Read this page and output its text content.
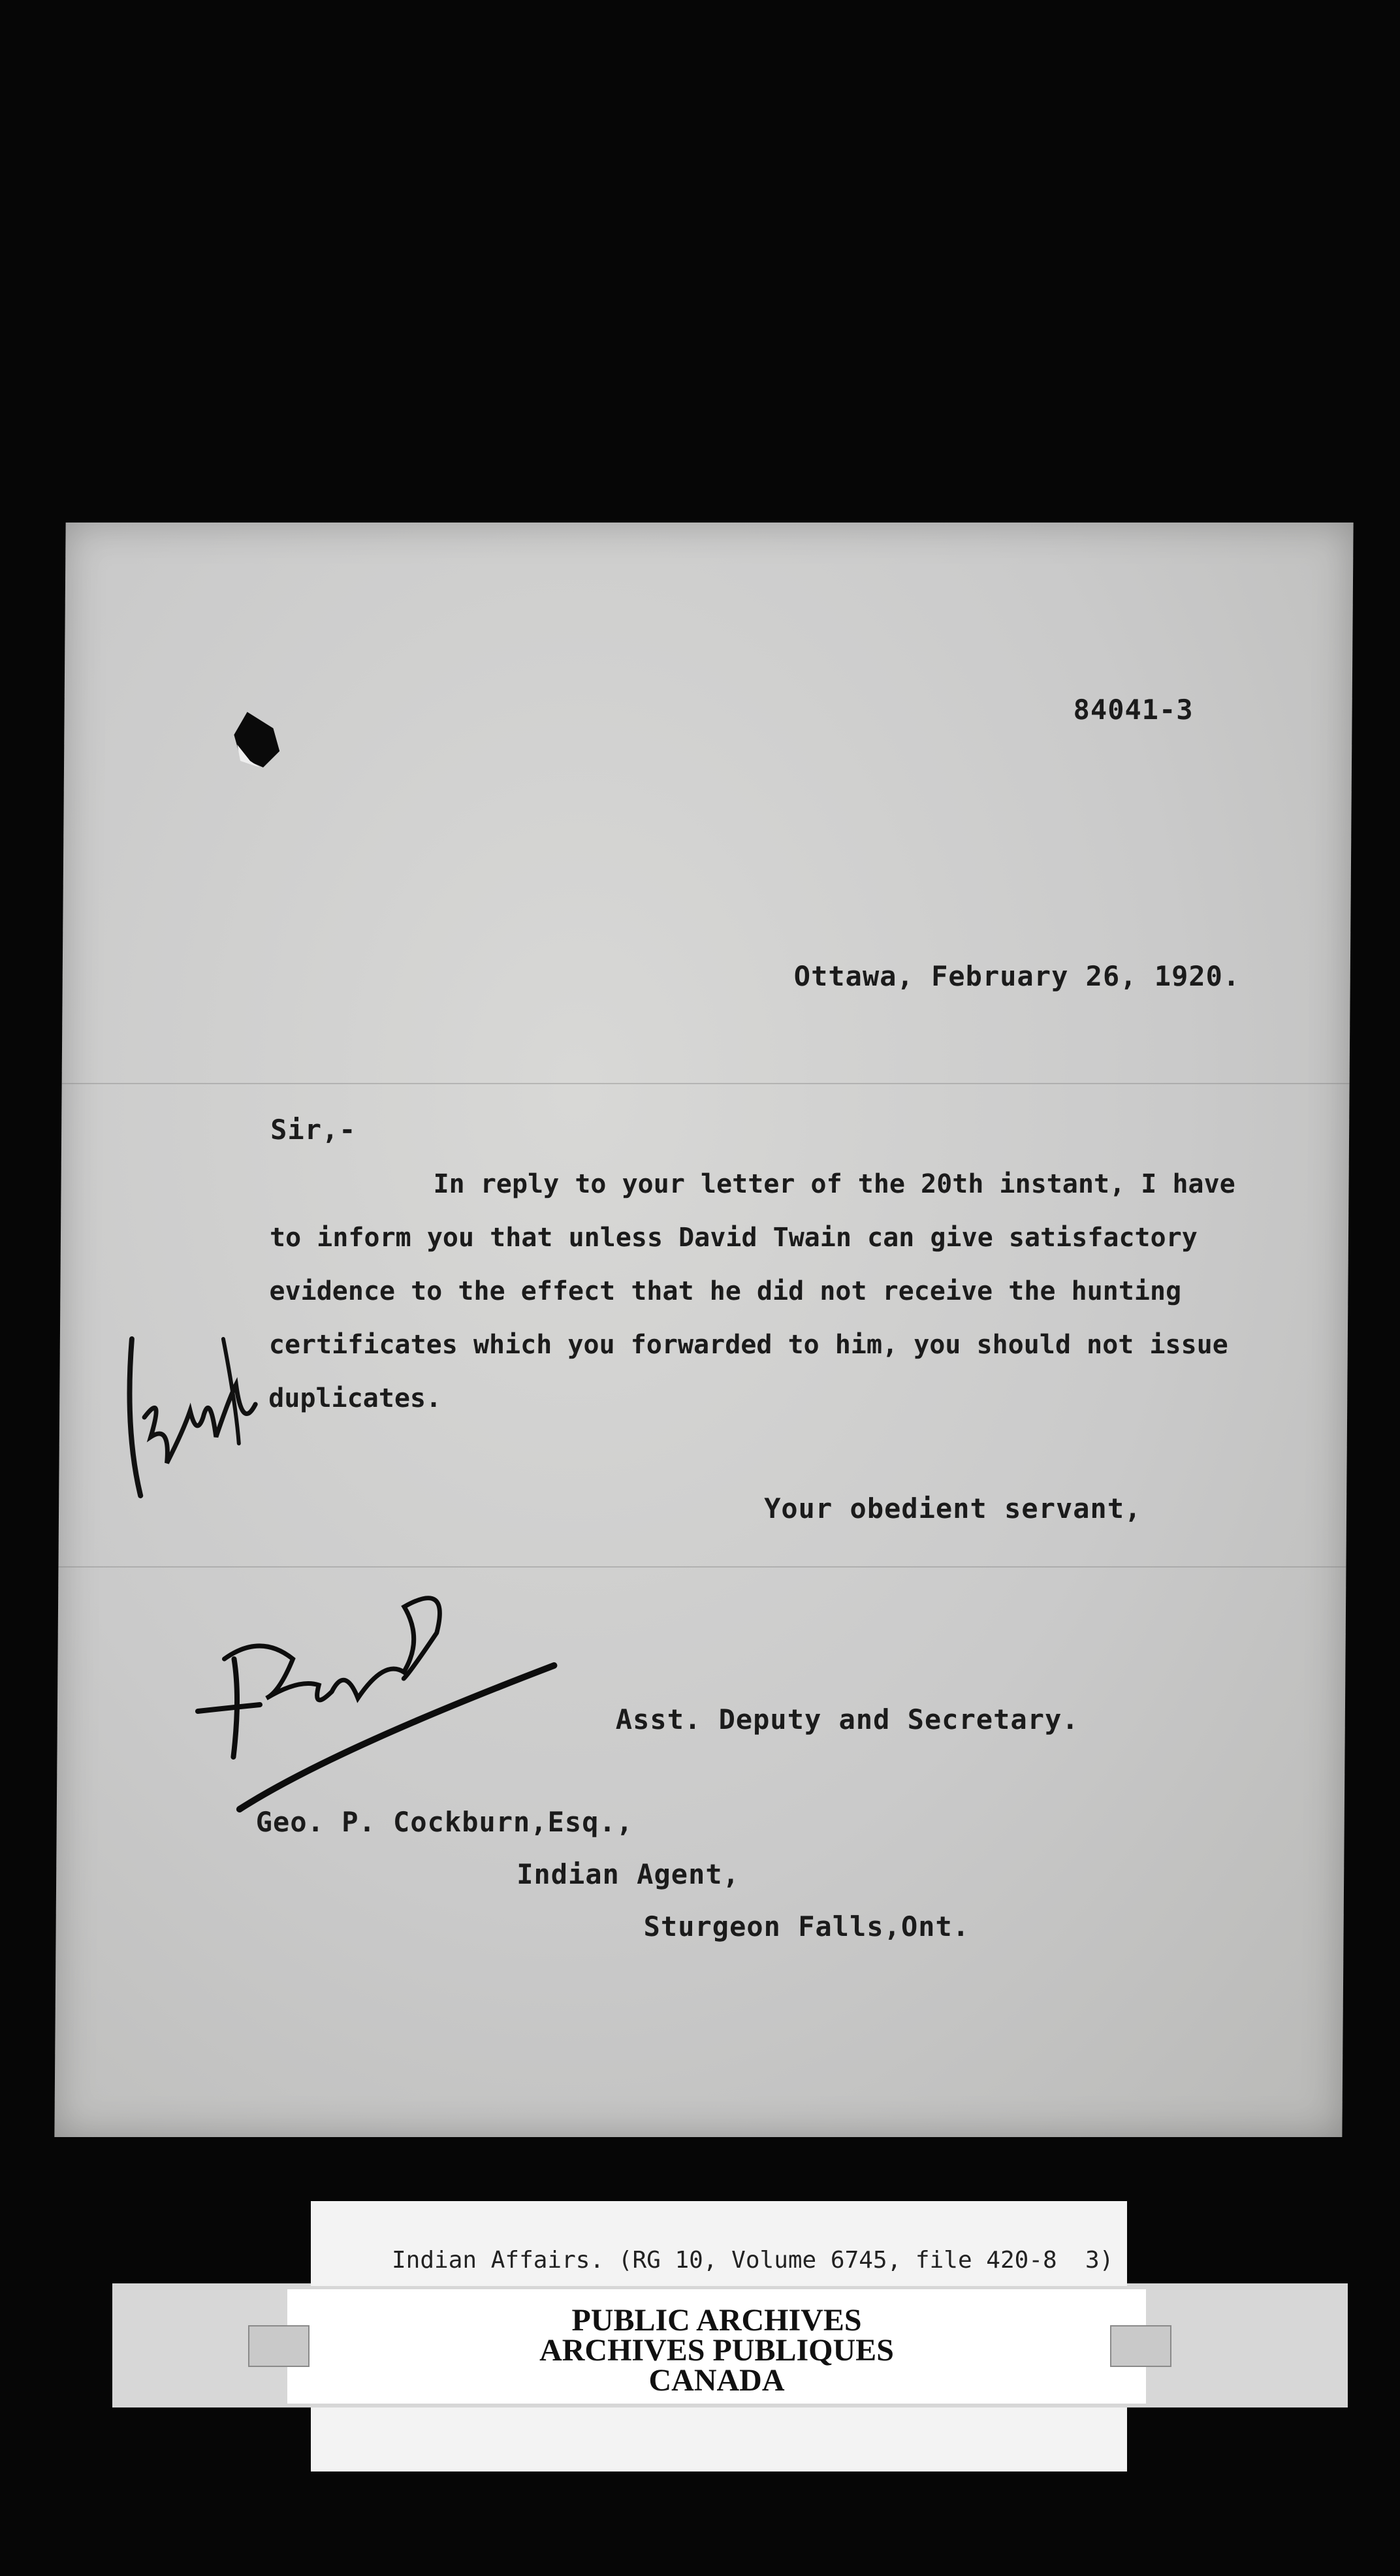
84041-3
Ottawa, February 26, 1920.
Sir,-
In reply to your letter of the 20th instant, I have
to inform you that unless David Twain can give satisfactory
evidence to the effect that he did not receive the hunting
certificates which you forwarded to him, you should not issue
duplicates.
Your obedient servant,
Asst. Deputy and Secretary.
Geo. P. Cockburn,Esq.,
Indian Agent,
Sturgeon Falls,Ont.
Indian Affairs. (RG 10, Volume 6745, file 420-8  3)
PUBLIC ARCHIVES
ARCHIVES PUBLIQUES
CANADA
